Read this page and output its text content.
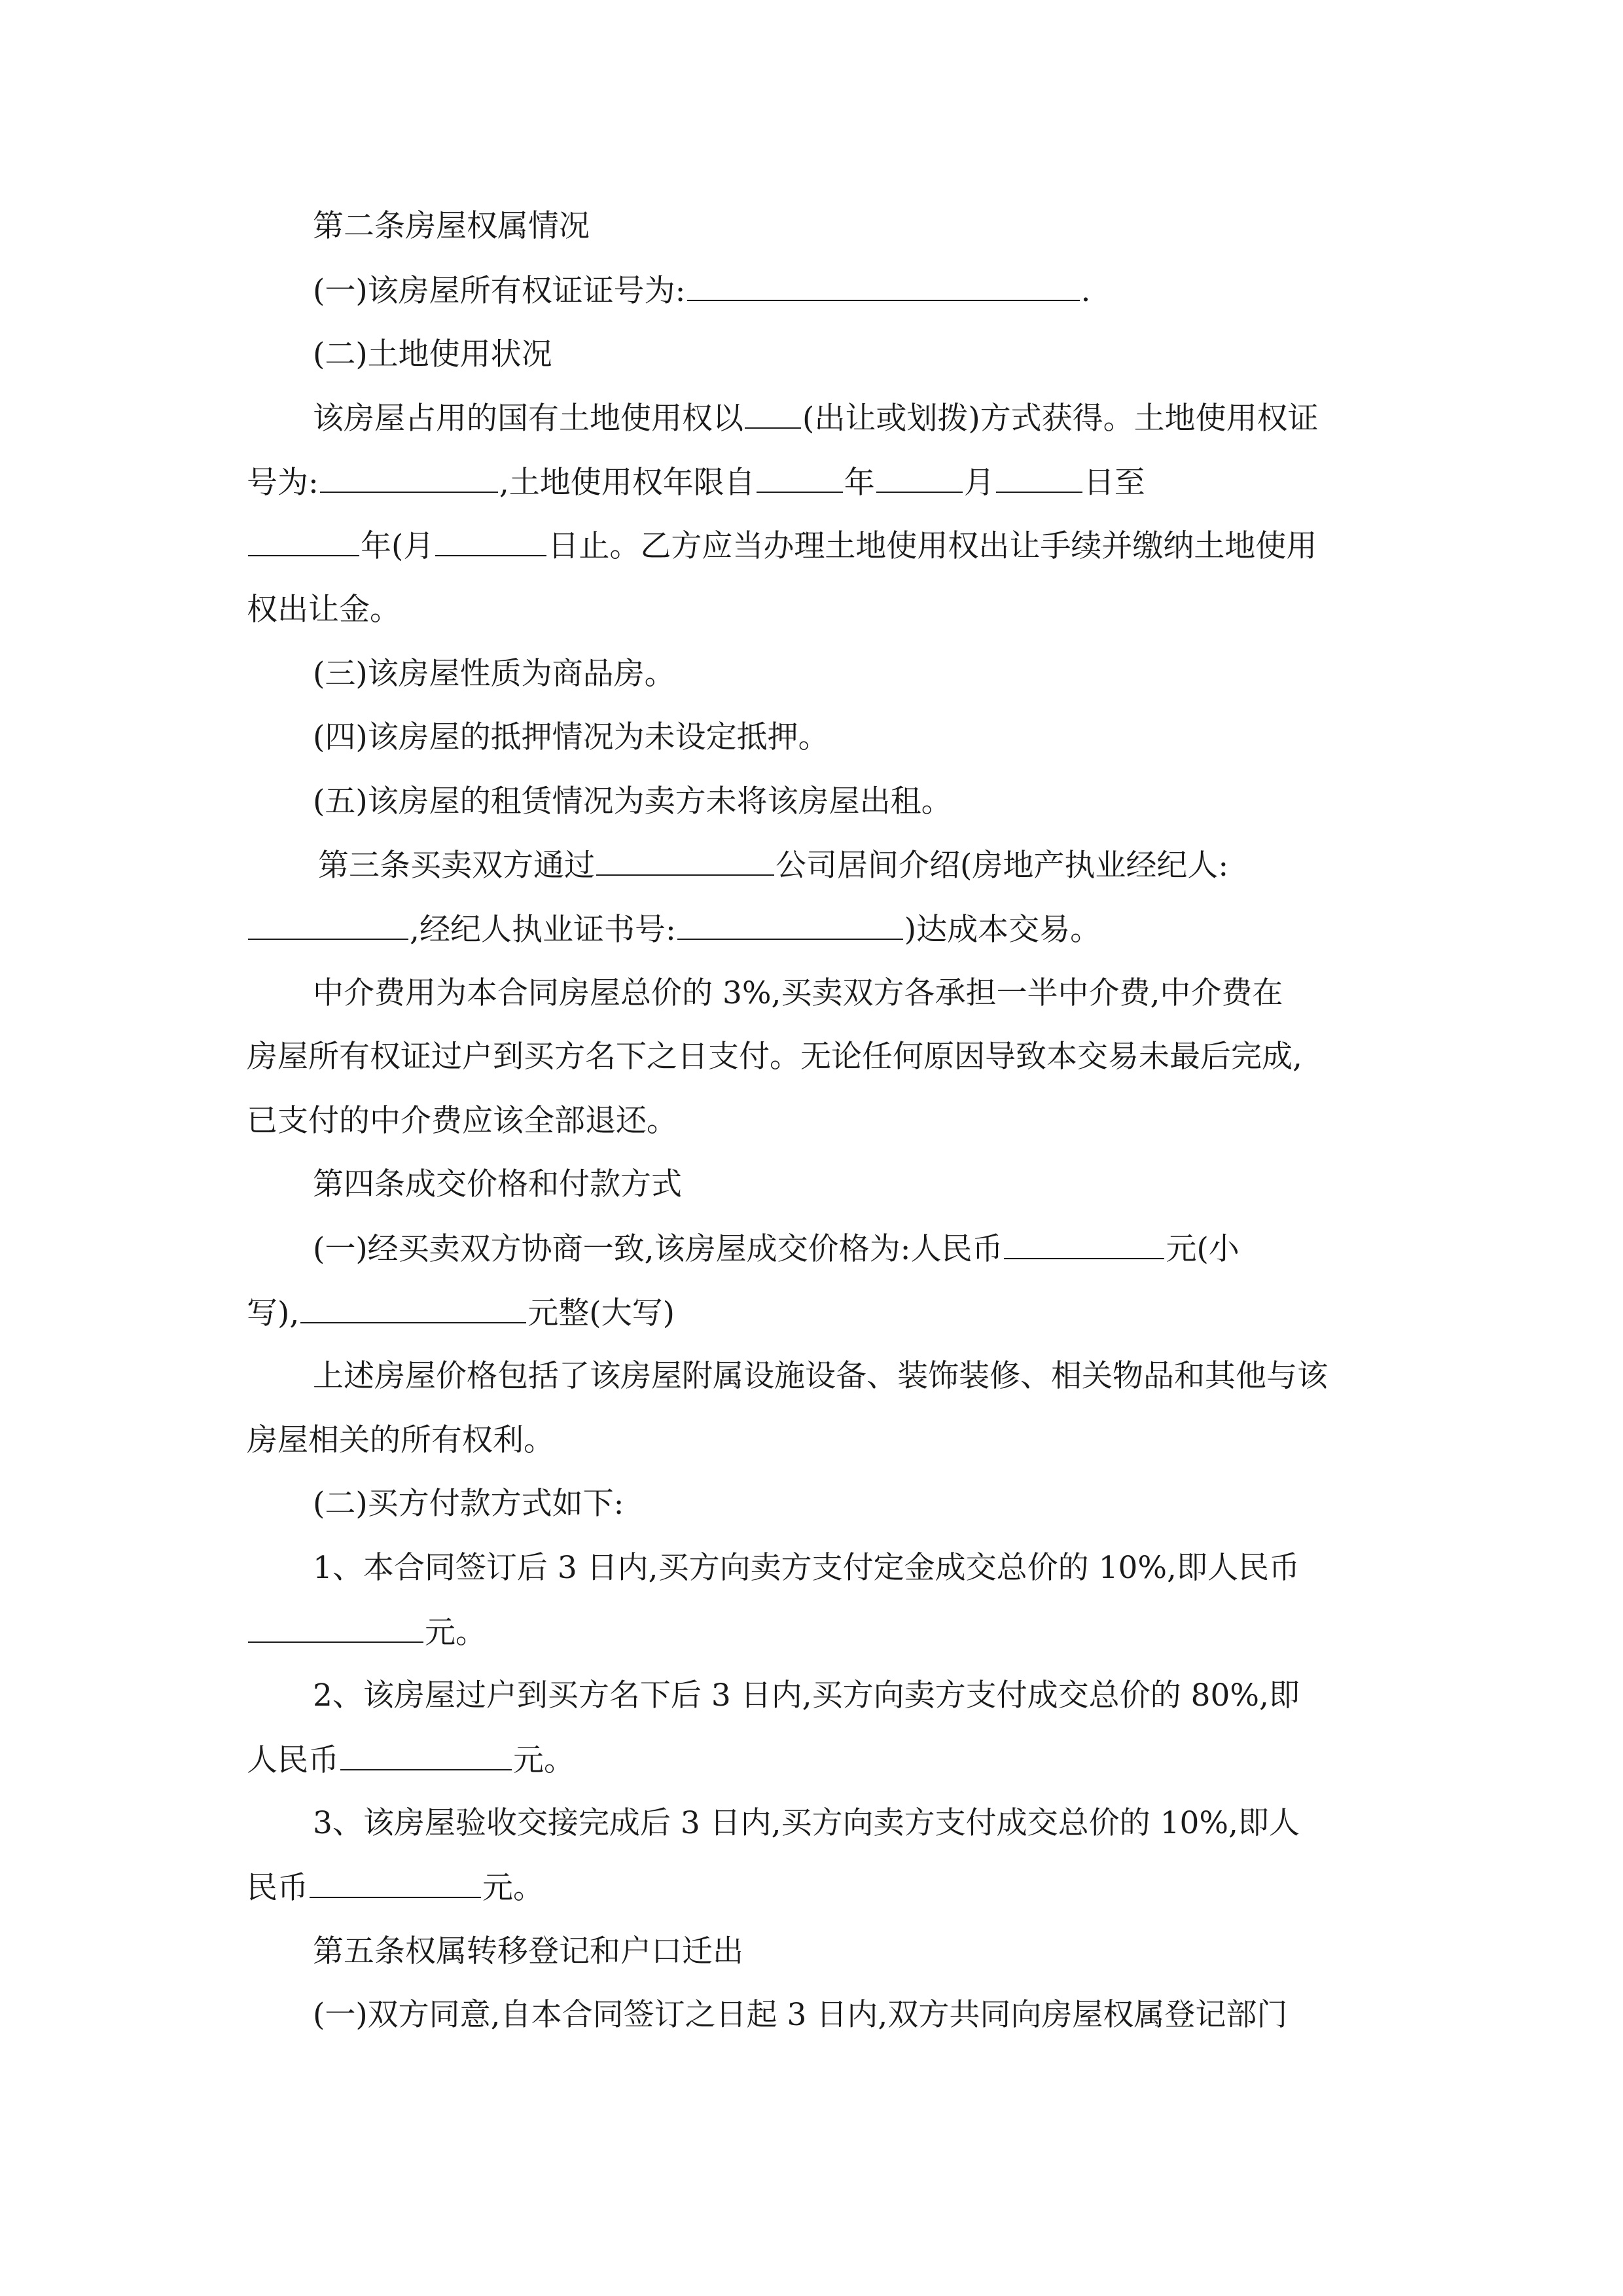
第二条房屋权属情况
(一)该房屋所有权证证号为:	.
(二)土地使用状况
该房屋占用的国有土地使用权以 (出让或划拨)方式获得。土地使用权证
号为:	,土地使用权年限自	年	月	日至
年(月	日止。乙方应当办理土地使用权出让手续并缴纳土地使用
权出让金。
(三)该房屋性质为商品房。
(四)该房屋的抵押情况为未设定抵押。
(五)该房屋的租赁情况为卖方未将该房屋出租。
第三条买卖双方通过	公司居间介绍(房地产执业经纪人:
,经纪人执业证书号:	)达成本交易。
中介费用为本合同房屋总价的 3%,买卖双方各承担一半中介费,中介费在
房屋所有权证过户到买方名下之日支付。无论任何原因导致本交易未最后完成,
已支付的中介费应该全部退还。
第四条成交价格和付款方式
(一)经买卖双方协商一致,该房屋成交价格为:人民币	元(小
写),	元整(大写)
上述房屋价格包括了该房屋附属设施设备、装饰装修、相关物品和其他与该
房屋相关的所有权利。
(二)买方付款方式如下:
1、本合同签订后 3 日内,买方向卖方支付定金成交总价的 10%,即人民币
元。
2、该房屋过户到买方名下后 3 日内,买方向卖方支付成交总价的 80%,即
人民币	元。
3、该房屋验收交接完成后 3 日内,买方向卖方支付成交总价的 10%,即人
民币	元。
第五条权属转移登记和户口迁出
(一)双方同意,自本合同签订之日起 3 日内,双方共同向房屋权属登记部门
